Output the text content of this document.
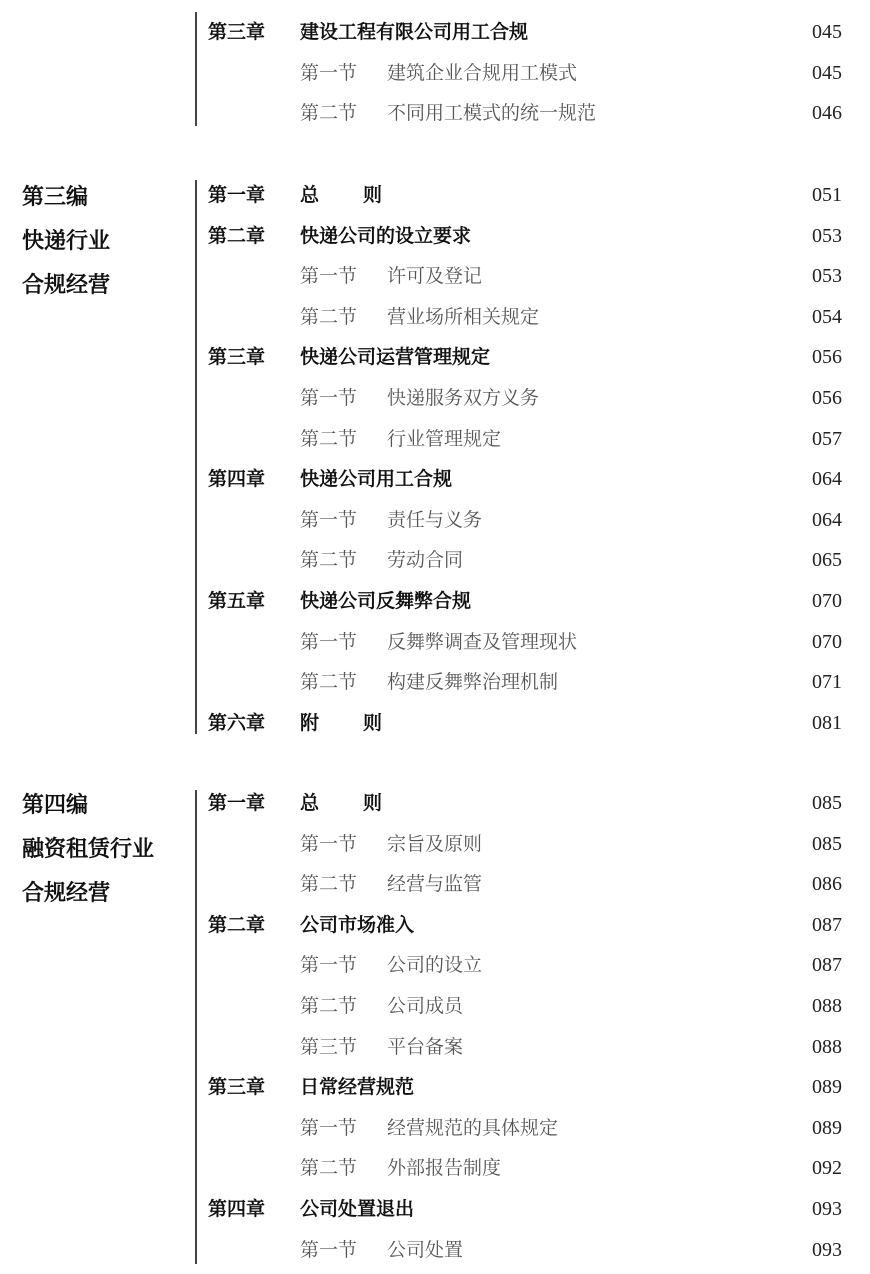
第三章 建设工程有限公司用工合规	045
第一节 建筑企业合规用工模式	045
第二节 不同用工模式的统一规范	046
第三编
快递行业
合规经营
第一章 总则	051
第二章 快递公司的设立要求	053
第一节 许可及登记	053
第二节 营业场所相关规定	054
第三章 快递公司运营管理规定	056
第一节 快递服务双方义务	056
第二节 行业管理规定	057
第四章 快递公司用工合规	064
第一节 责任与义务	064
第二节 劳动合同	065
第五章 快递公司反舞弊合规	070
第一节 反舞弊调查及管理现状	070
第二节 构建反舞弊治理机制	071
第六章 附则	081
第四编
融资租赁行业
合规经营
第一章 总则	085
第一节 宗旨及原则	085
第二节 经营与监管	086
第二章 公司市场准入	087
第一节 公司的设立	087
第二节 公司成员	088
第三节 平台备案	088
第三章 日常经营规范	089
第一节 经营规范的具体规定	089
第二节 外部报告制度	092
第四章 公司处置退出	093
第一节 公司处置	093
